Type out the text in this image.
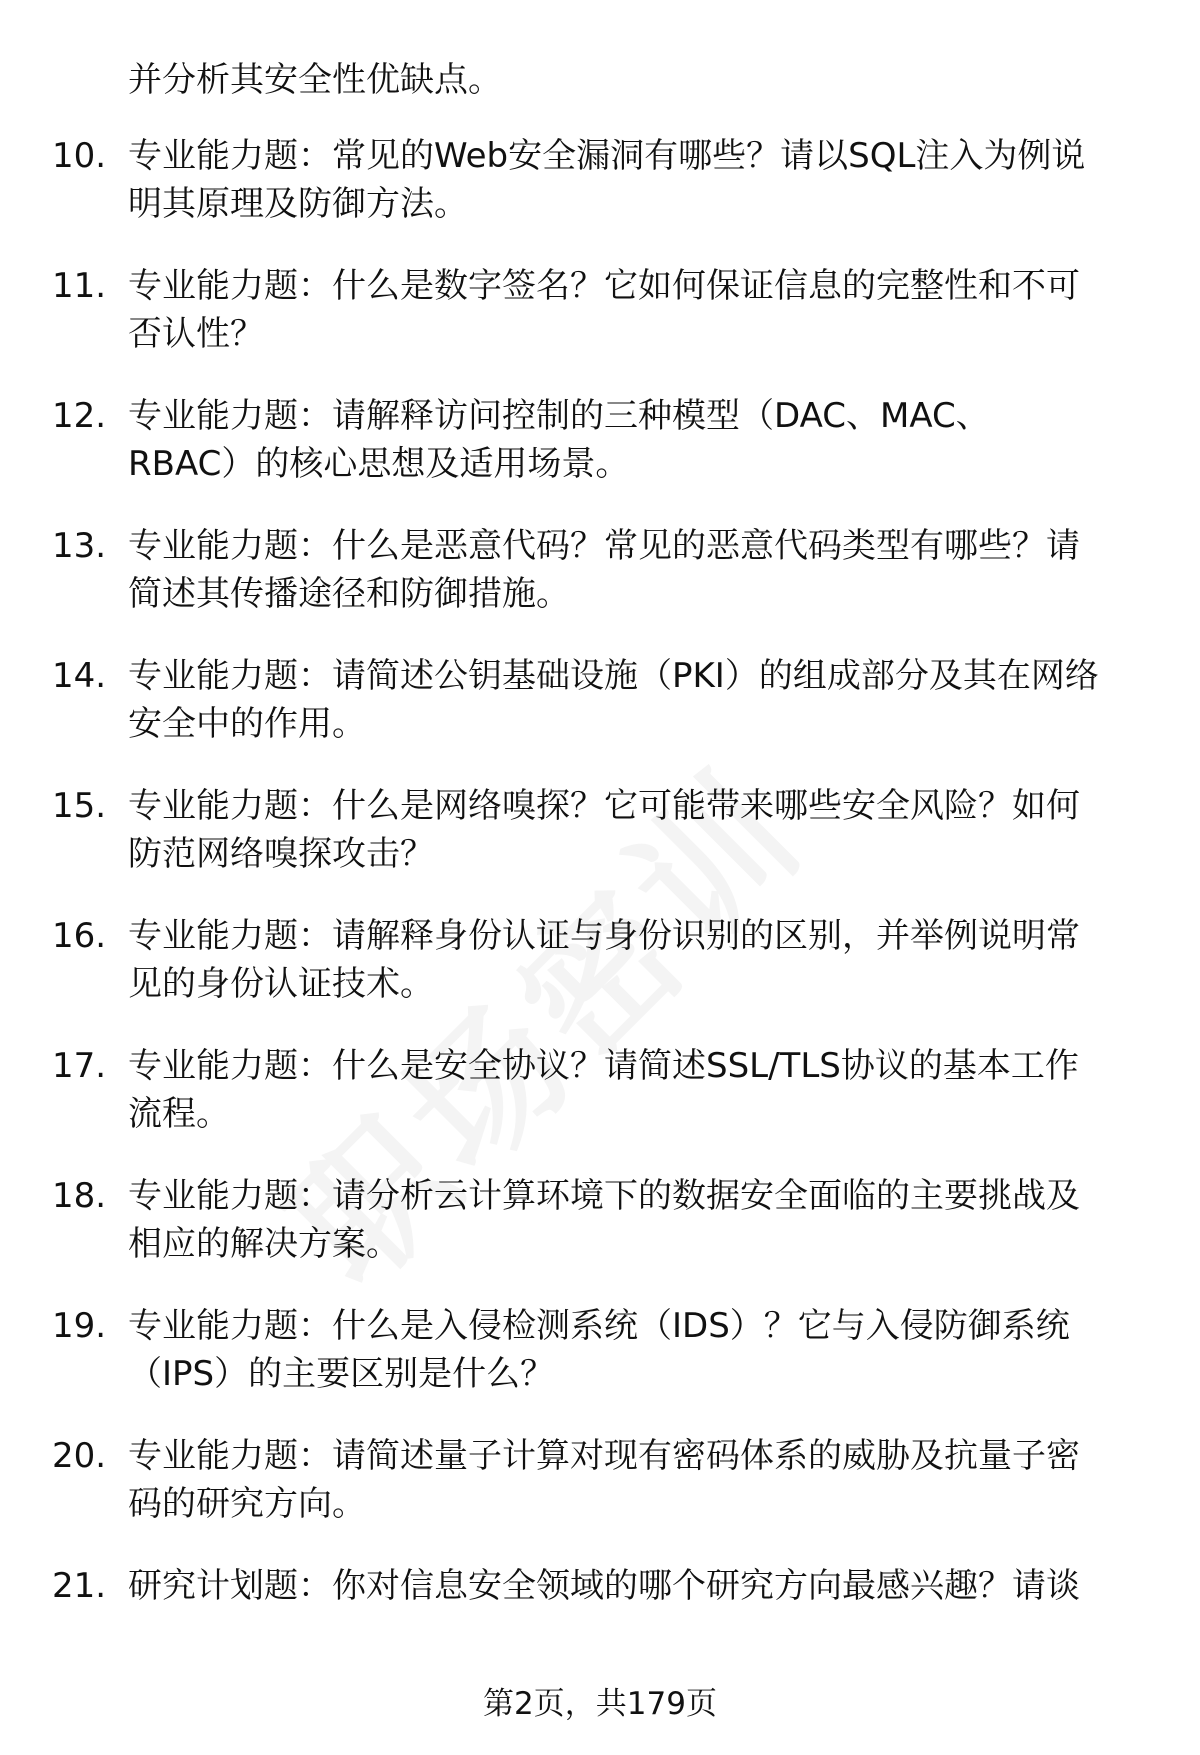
并分析其安全性优缺点。
10. 专业能力题：常见的Web安全漏洞有哪些？请以SQL注入为例说
明其原理及防御方法。
11. 专业能力题：什么是数字签名？它如何保证信息的完整性和不可
否认性？
12. 专业能力题：请解释访问控制的三种模型（DAC、MAC、
RBAC）的核心思想及适用场景。
13. 专业能力题：什么是恶意代码？常见的恶意代码类型有哪些？请
简述其传播途径和防御措施。
14. 专业能力题：请简述公钥基础设施（PKI）的组成部分及其在网络
安全中的作用。
15. 专业能力题：什么是网络嗅探？它可能带来哪些安全风险？如何
防范网络嗅探攻击？
16. 专业能力题：请解释身份认证与身份识别的区别，并举例说明常
见的身份认证技术。
17. 专业能力题：什么是安全协议？请简述SSL/TLS协议的基本工作
流程。
18. 专业能力题：请分析云计算环境下的数据安全面临的主要挑战及
相应的解决方案。
19. 专业能力题：什么是入侵检测系统（IDS）？它与入侵防御系统
（IPS）的主要区别是什么？
20. 专业能力题：请简述量子计算对现有密码体系的威胁及抗量子密
码的研究方向。
21. 研究计划题：你对信息安全领域的哪个研究方向最感兴趣？请谈
第2页，共179页
